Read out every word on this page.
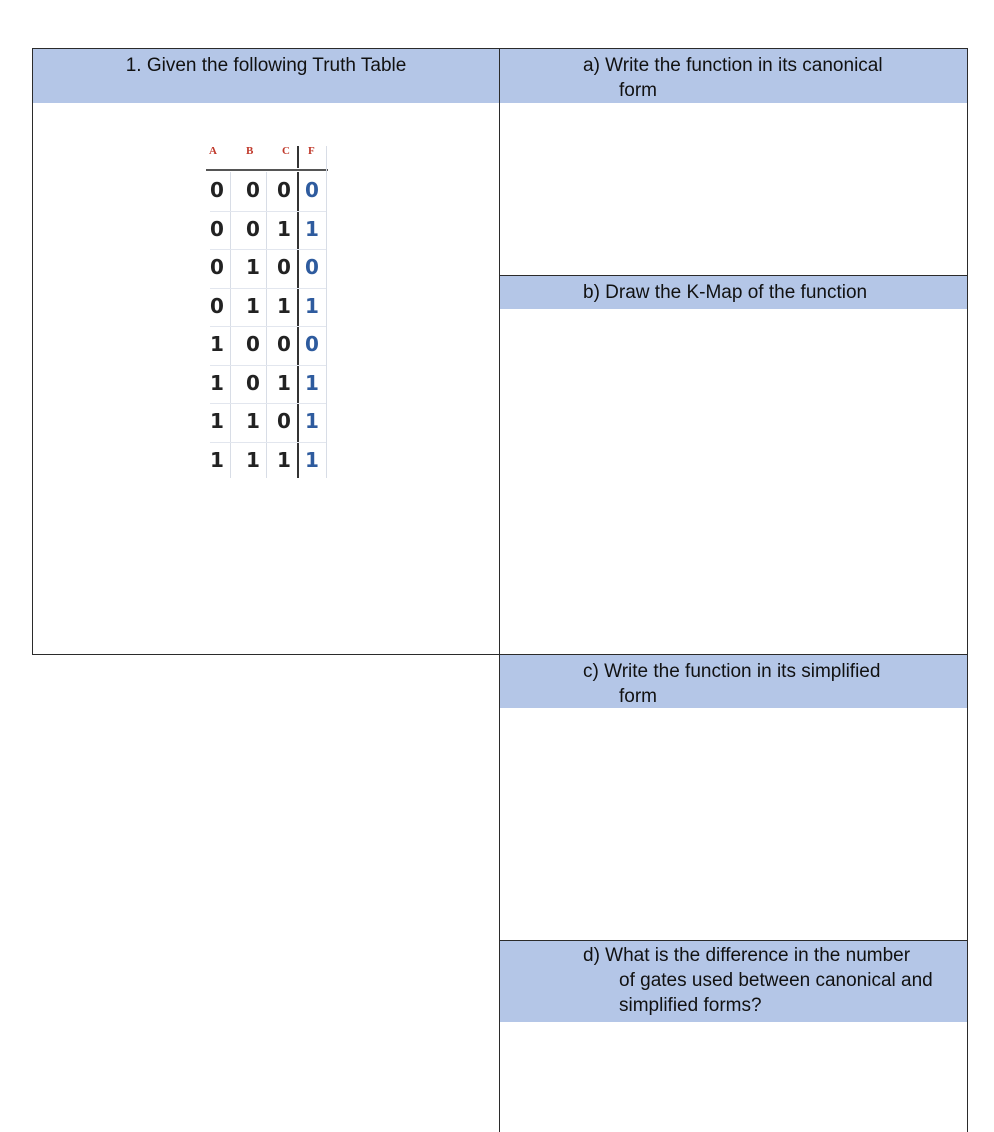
1. Given the following Truth Table
A	B	C F
0 0 0 0
0 0 1 1
0 1 0 0
0 1 1 1
1 0 0 0
1 0 1 1
1 1 0 1
1 1 1 1
a) Write the function in its canonical
form
b) Draw the K-Map of the function
c) Write the function in its simplified
form
d) What is the difference in the number
of gates used between canonical and
simplified forms?
